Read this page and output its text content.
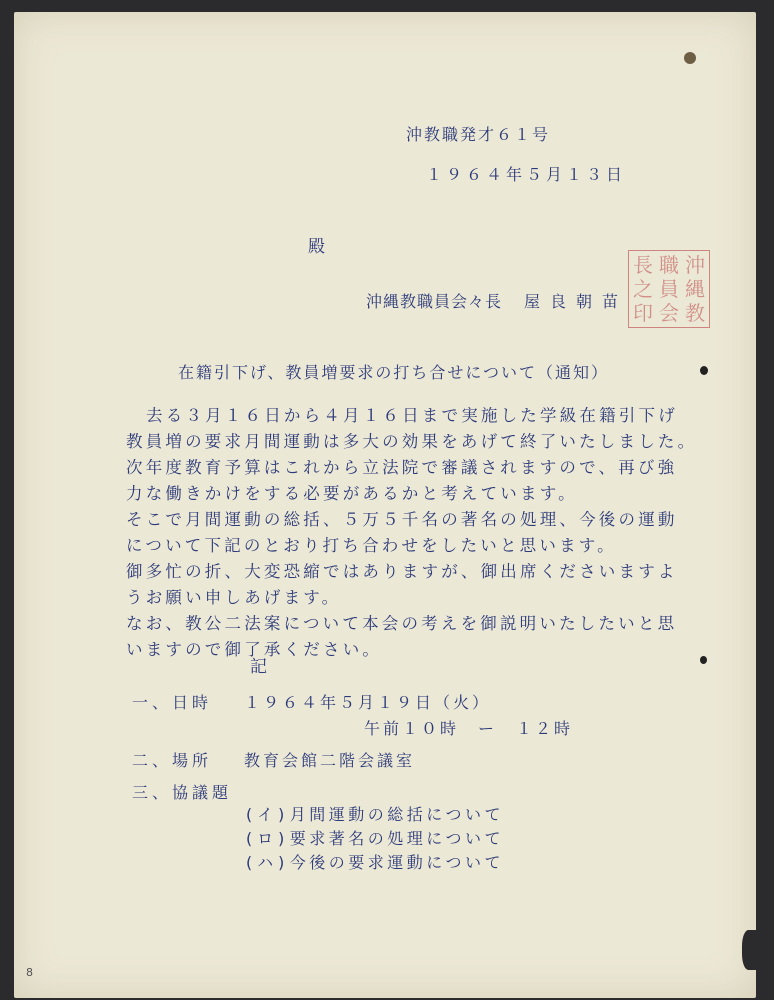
沖教職発才６１号
１９６４年５月１３日
殿
沖縄教職員会々長 屋良朝苗
沖
縄
教
職
員
会
長
之
印
在籍引下げ、教員増要求の打ち合せについて（通知）
去る３月１６日から４月１６日まで実施した学級在籍引下げ
教員増の要求月間運動は多大の効果をあげて終了いたしました。
次年度教育予算はこれから立法院で審議されますので、再び強
力な働きかけをする必要があるかと考えています。
そこで月間運動の総括、５万５千名の著名の処理、今後の運動
について下記のとおり打ち合わせをしたいと思います。
御多忙の折、大変恐縮ではありますが、御出席くださいますよ
うお願い申しあげます。
なお、教公二法案について本会の考えを御説明いたしたいと思
いますので御了承ください。
記
一、日時 １９６４年５月１９日（火）
午前１０時　ー　１２時
二、場所 教育会館二階会議室
三、協議題
(イ)月間運動の総括について
(ロ)要求著名の処理について
(ハ)今後の要求運動について
8
